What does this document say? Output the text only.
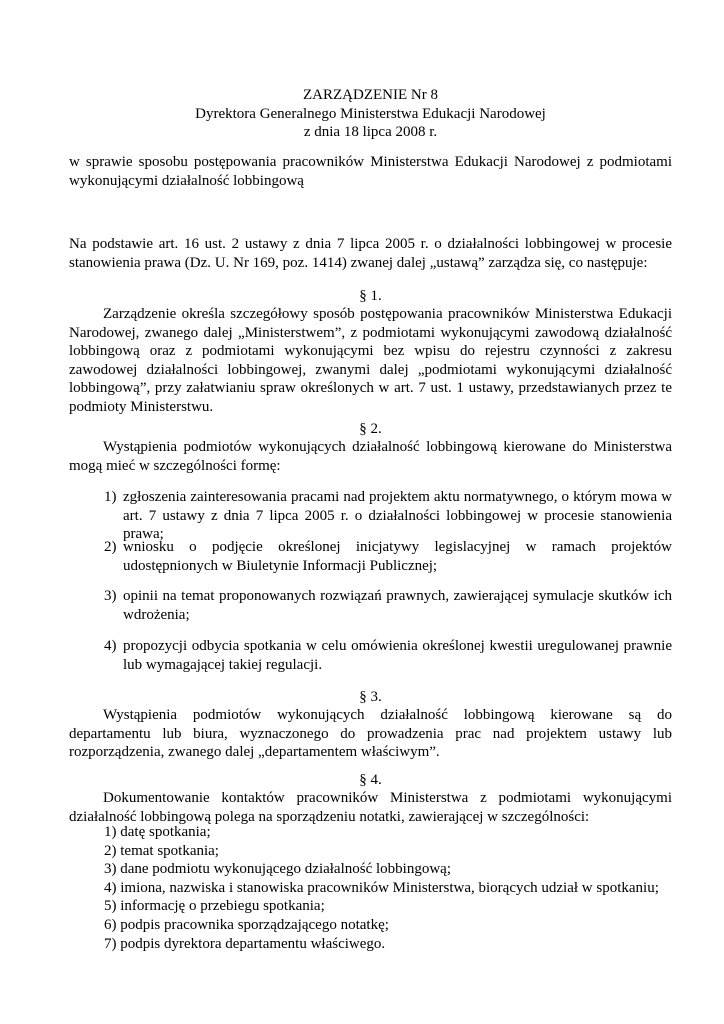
ZARZĄDZENIE Nr 8
Dyrektora Generalnego Ministerstwa Edukacji Narodowej
z dnia 18 lipca 2008 r.
w sprawie sposobu postępowania pracowników Ministerstwa Edukacji Narodowej z podmiotami wykonującymi działalność lobbingową
Na podstawie art. 16 ust. 2 ustawy z dnia 7 lipca 2005 r. o działalności lobbingowej w procesie stanowienia prawa (Dz. U. Nr 169, poz. 1414) zwanej dalej „ustawą” zarządza się, co następuje:
§ 1.
Zarządzenie określa szczegółowy sposób postępowania pracowników Ministerstwa Edukacji Narodowej, zwanego dalej „Ministerstwem”, z podmiotami wykonującymi zawodową działalność lobbingową oraz z podmiotami wykonującymi bez wpisu do rejestru czynności z zakresu zawodowej działalności lobbingowej, zwanymi dalej „podmiotami wykonującymi działalność lobbingową”, przy załatwianiu spraw określonych w art. 7 ust. 1 ustawy, przedstawianych przez te podmioty Ministerstwu.
§ 2.
Wystąpienia podmiotów wykonujących działalność lobbingową kierowane do Ministerstwa mogą mieć w szczególności formę:
1) zgłoszenia zainteresowania pracami nad projektem aktu normatywnego, o którym mowa w art. 7 ustawy z dnia 7 lipca 2005 r. o działalności lobbingowej w procesie stanowienia prawa;
2) wniosku o podjęcie określonej inicjatywy legislacyjnej w ramach projektów udostępnionych w Biuletynie Informacji Publicznej;
3) opinii na temat proponowanych rozwiązań prawnych, zawierającej symulacje skutków ich wdrożenia;
4) propozycji odbycia spotkania w celu omówienia określonej kwestii uregulowanej prawnie lub wymagającej takiej regulacji.
§ 3.
Wystąpienia podmiotów wykonujących działalność lobbingową kierowane są do departamentu lub biura, wyznaczonego do prowadzenia prac nad projektem ustawy lub rozporządzenia, zwanego dalej „departamentem właściwym”.
§ 4.
Dokumentowanie kontaktów pracowników Ministerstwa z podmiotami wykonującymi działalność lobbingową polega na sporządzeniu notatki, zawierającej w szczególności:
1) datę spotkania;
2) temat spotkania;
3) dane podmiotu wykonującego działalność lobbingową;
4) imiona, nazwiska i stanowiska pracowników Ministerstwa, biorących udział w spotkaniu;
5) informację o przebiegu spotkania;
6) podpis pracownika sporządzającego notatkę;
7) podpis dyrektora departamentu właściwego.
